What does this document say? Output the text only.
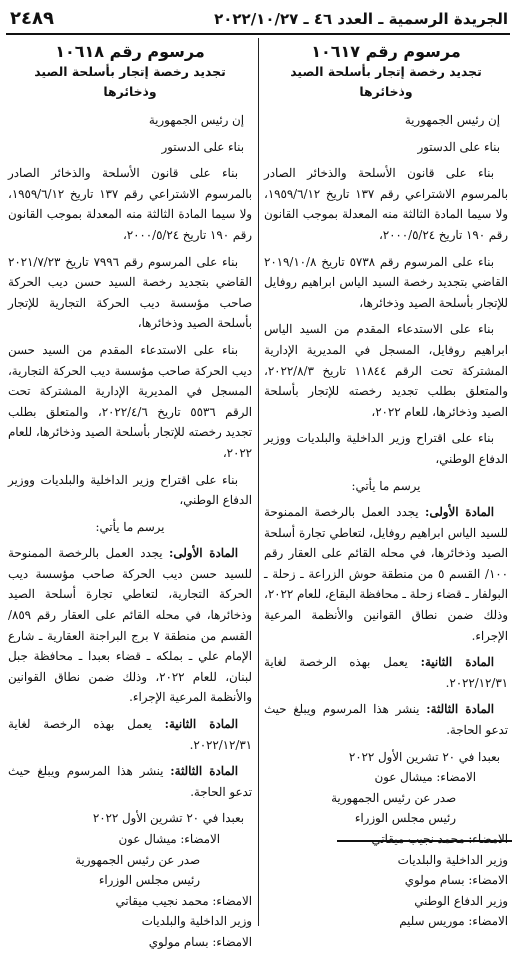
الجريدة الرسمية ـ العدد ٤٦ ـ ٢٠٢٢/١٠/٢٧
٢٤٨٩
مرسوم رقم ١٠٦١٧
تجديد رخصة إتجار بأسلحة الصيد وذخائرها

إن رئيس الجمهورية

بناء على الدستور

بناء على قانون الأسلحة والذخائر الصادر بالمرسوم الاشتراعي رقم ١٣٧ تاريخ ١٩٥٩/٦/١٢، ولا سيما المادة الثالثة منه المعدلة بموجب القانون رقم ١٩٠ تاريخ ٢٠٠٠/٥/٢٤،

بناء على المرسوم رقم ٥٧٣٨ تاريخ ٢٠١٩/١٠/٨ القاضي بتجديد رخصة السيد الياس ابراهيم روفايل للإتجار بأسلحة الصيد وذخائرها،

بناء على الاستدعاء المقدم من السيد الياس ابراهيم روفايل، المسجل في المديرية الإدارية المشتركة تحت الرقم ١١٨٤٤ تاريخ ٢٠٢٢/٨/٣، والمتعلق بطلب تجديد رخصته للإتجار بأسلحة الصيد وذخائرها، للعام ٢٠٢٢،

بناء على اقتراح وزير الداخلية والبلديات ووزير الدفاع الوطني،

يرسم ما يأتي:

المادة الأولى: يجدد العمل بالرخصة الممنوحة للسيد الياس ابراهيم روفايل، لتعاطي تجارة أسلحة الصيد وذخائرها، في محله القائم على العقار رقم ١٠٠/ القسم ٥ من منطقة حوش الزراعة ـ زحلة ـ البولفار ـ قضاء زحلة ـ محافظة البقاع، للعام ٢٠٢٢، وذلك ضمن نطاق القوانين والأنظمة المرعية الإجراء.

المادة الثانية: يعمل بهذه الرخصة لغاية ٢٠٢٢/١٢/٣١.

المادة الثالثة: ينشر هذا المرسوم ويبلغ حيث تدعو الحاجة.

بعبدا في ٢٠ تشرين الأول ٢٠٢٢

الامضاء: ميشال عون

صدر عن رئيس الجمهورية

رئيس مجلس الوزراء

الامضاء: محمد نجيب ميقاتي

وزير الداخلية والبلديات

الامضاء: بسام مولوي

وزير الدفاع الوطني

الامضاء: موريس سليم

مرسوم رقم ١٠٦١٨
تجديد رخصة إتجار بأسلحة الصيد وذخائرها

إن رئيس الجمهورية

بناء على الدستور

بناء على قانون الأسلحة والذخائر الصادر بالمرسوم الاشتراعي رقم ١٣٧ تاريخ ١٩٥٩/٦/١٢، ولا سيما المادة الثالثة منه المعدلة بموجب القانون رقم ١٩٠ تاريخ ٢٠٠٠/٥/٢٤،

بناء على المرسوم رقم ٧٩٩٦ تاريخ ٢٠٢١/٧/٢٣ القاضي بتجديد رخصة السيد حسن ديب الحركة صاحب مؤسسة ديب الحركة التجارية للإتجار بأسلحة الصيد وذخائرها،

بناء على الاستدعاء المقدم من السيد حسن ديب الحركة صاحب مؤسسة ديب الحركة التجارية، المسجل في المديرية الإدارية المشتركة تحت الرقم ٥٥٣٦ تاريخ ٢٠٢٢/٤/٦، والمتعلق بطلب تجديد رخصته للإتجار بأسلحة الصيد وذخائرها، للعام ٢٠٢٢،

بناء على اقتراح وزير الداخلية والبلديات ووزير الدفاع الوطني،

يرسم ما يأتي:

المادة الأولى: يجدد العمل بالرخصة الممنوحة للسيد حسن ديب الحركة صاحب مؤسسة ديب الحركة التجارية، لتعاطي تجارة أسلحة الصيد وذخائرها، في محله القائم على العقار رقم ٨٥٩/ القسم من منطقة ٧ برج البراجنة العقارية ـ شارع الإمام علي ـ بملكه ـ قضاء بعبدا ـ محافظة جبل لبنان، للعام ٢٠٢٢، وذلك ضمن نطاق القوانين والأنظمة المرعية الإجراء.

المادة الثانية: يعمل بهذه الرخصة لغاية ٢٠٢٢/١٢/٣١.

المادة الثالثة: ينشر هذا المرسوم ويبلغ حيث تدعو الحاجة.

بعبدا في ٢٠ تشرين الأول ٢٠٢٢

الامضاء: ميشال عون

صدر عن رئيس الجمهورية

رئيس مجلس الوزراء

الامضاء: محمد نجيب ميقاتي

وزير الداخلية والبلديات

الامضاء: بسام مولوي
